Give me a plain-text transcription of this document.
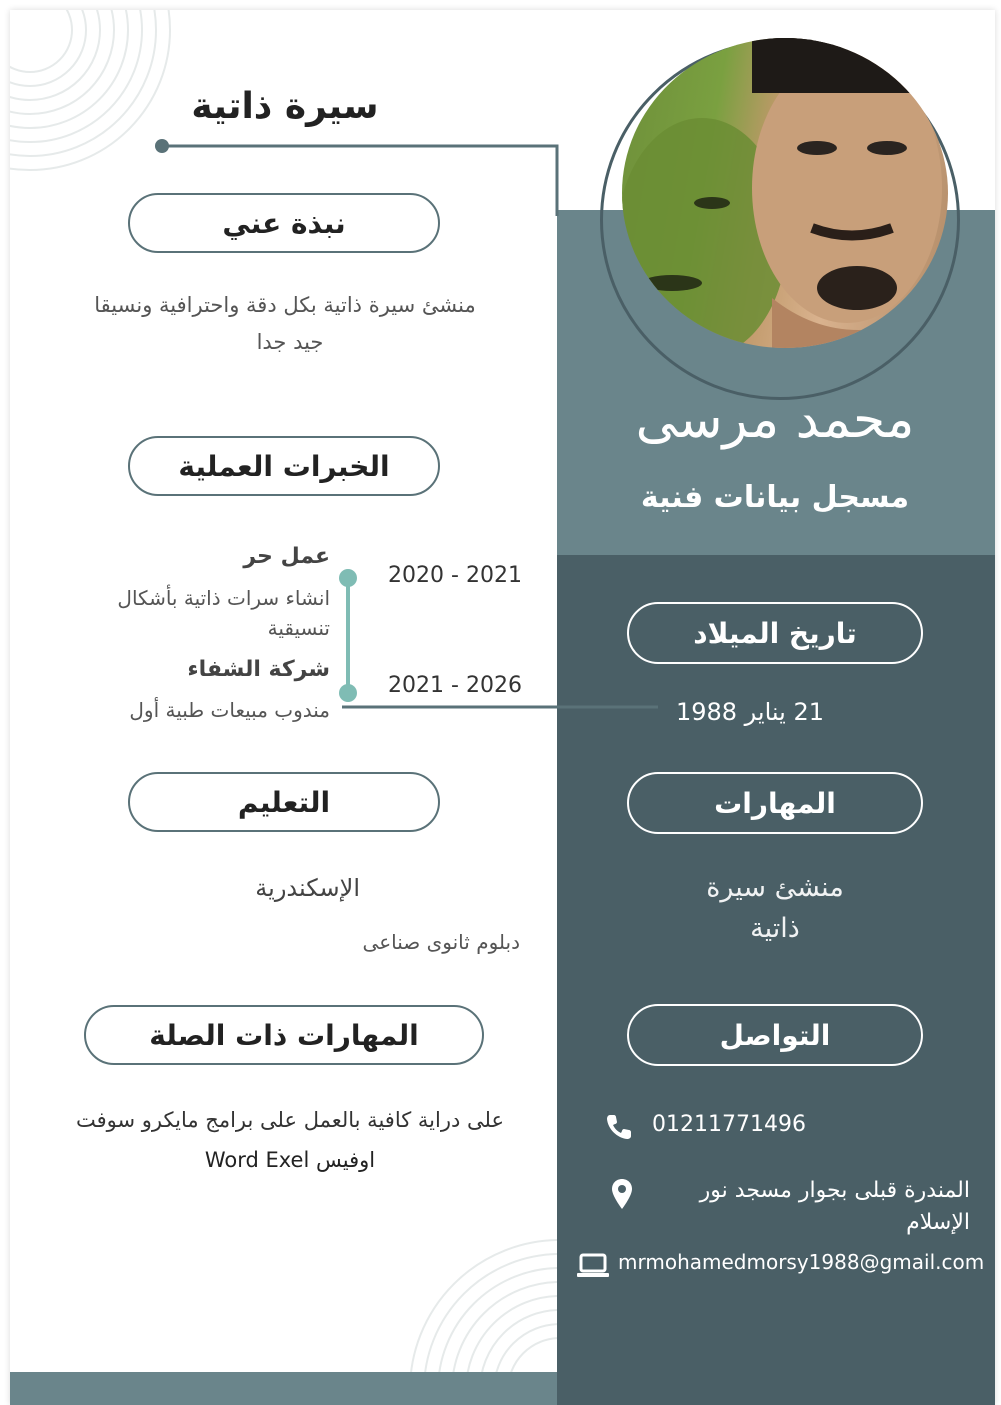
سيرة ذاتية
محمد مرسى
مسجل بيانات فنية
نبذة عني
منشئ سيرة ذاتية بكل دقة واحترافية ونسيقا
جيد جدا
الخبرات العملية
2021 - 2020
عمل حر
انشاء سرات ذاتية بأشكال
تنسيقية
2026 - 2021
شركة الشفاء
مندوب مبيعات طبية أول
التعليم
الإسكندرية
دبلوم ثانوى صناعى
المهارات ذات الصلة
على دراية كافية بالعمل على برامج مايكرو سوفت
اوفيس Word Exel
تاريخ الميلاد
21 يناير 1988
المهارات
منشئ سيرة
ذاتية
التواصل
01211771496
المندرة قبلى بجوار مسجد نور
الإسلام
mrmohamedmorsy1988@gmail.com
